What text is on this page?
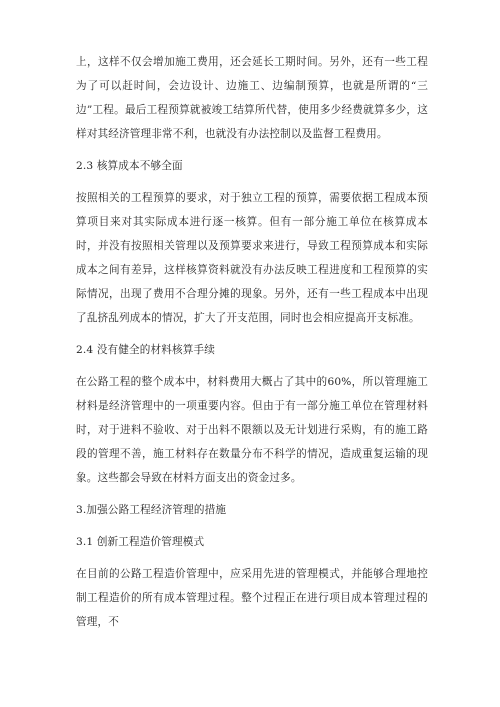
上，这样不仅会增加施工费用，还会延长工期时间。另外，还有一些工程为了可以赶时间，会边设计、边施工、边编制预算，也就是所谓的“三边”工程。最后工程预算就被竣工结算所代替，使用多少经费就算多少，这样对其经济管理非常不利，也就没有办法控制以及监督工程费用。

2.3 核算成本不够全面

按照相关的工程预算的要求，对于独立工程的预算，需要依据工程成本预算项目来对其实际成本进行逐一核算。但有一部分施工单位在核算成本时，并没有按照相关管理以及预算要求来进行，导致工程预算成本和实际成本之间有差异，这样核算资料就没有办法反映工程进度和工程预算的实际情况，出现了费用不合理分摊的现象。另外，还有一些工程成本中出现了乱挤乱列成本的情况，扩大了开支范围，同时也会相应提高开支标准。

2.4 没有健全的材料核算手续

在公路工程的整个成本中，材料费用大概占了其中的60%，所以管理施工材料是经济管理中的一项重要内容。但由于有一部分施工单位在管理材料时，对于进料不验收、对于出料不限额以及无计划进行采购，有的施工路段的管理不善，施工材料存在数量分布不科学的情况，造成重复运输的现象。这些都会导致在材料方面支出的资金过多。

3.加强公路工程经济管理的措施

3.1 创新工程造价管理模式

在目前的公路工程造价管理中，应采用先进的管理模式，并能够合理地控制工程造价的所有成本管理过程。整个过程正在进行项目成本管理过程的管理，不
